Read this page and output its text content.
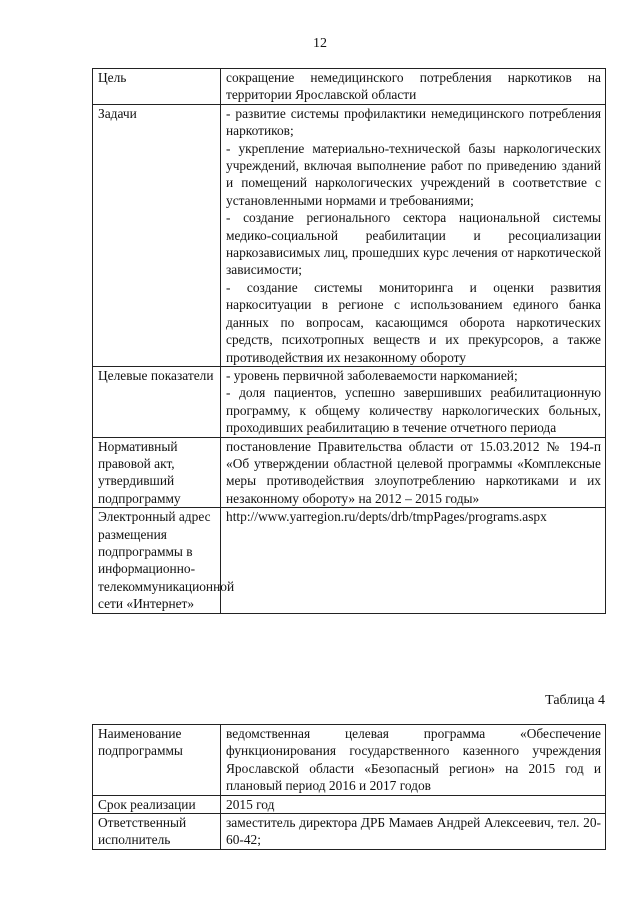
12
Цель	сокращение немедицинского потребления наркотиков на территории Ярославской области

Задачи	- развитие системы профилактики немедицинского потребления наркотиков;
- укрепление материально-технической базы наркологических учреждений, включая выполнение работ по приведению зданий и помещений наркологических учреждений в соответствие с установленными нормами и требованиями;
- создание регионального сектора национальной системы медико-социальной реабилитации и ресоциализации наркозависимых лиц, прошедших курс лечения от наркотической зависимости;
- создание системы мониторинга и оценки развития наркоситуации в регионе с использованием единого банка данных по вопросам, касающимся оборота наркотических средств, психотропных веществ и их прекурсоров, а также противодействия их незаконному обороту

Целевые показатели	- уровень первичной заболеваемости наркоманией;
- доля пациентов, успешно завершивших реабилитационную программу, к общему количеству наркологических больных, проходивших реабилитацию в течение отчетного периода

Нормативный правовой акт, утвердивший подпрограмму	постановление Правительства области от 15.03.2012 № 194-п «Об утверждении областной целевой программы «Комплексные меры противодействия злоупотреблению наркотиками и их незаконному обороту» на 2012 – 2015 годы»

Электронный адрес размещения подпрограммы в информационно-телекоммуникационной сети «Интернет»	http://www.yarregion.ru/depts/drb/tmpPages/programs.aspx
Таблица 4
Наименование подпрограммы	ведомственная целевая программа «Обеспечение функционирования государственного казенного учреждения Ярославской области «Безопасный регион» на 2015 год и плановый период 2016 и 2017 годов

Срок реализации	2015 год

Ответственный исполнитель	заместитель директора ДРБ Мамаев Андрей Алексеевич, тел. 20-60-42;
